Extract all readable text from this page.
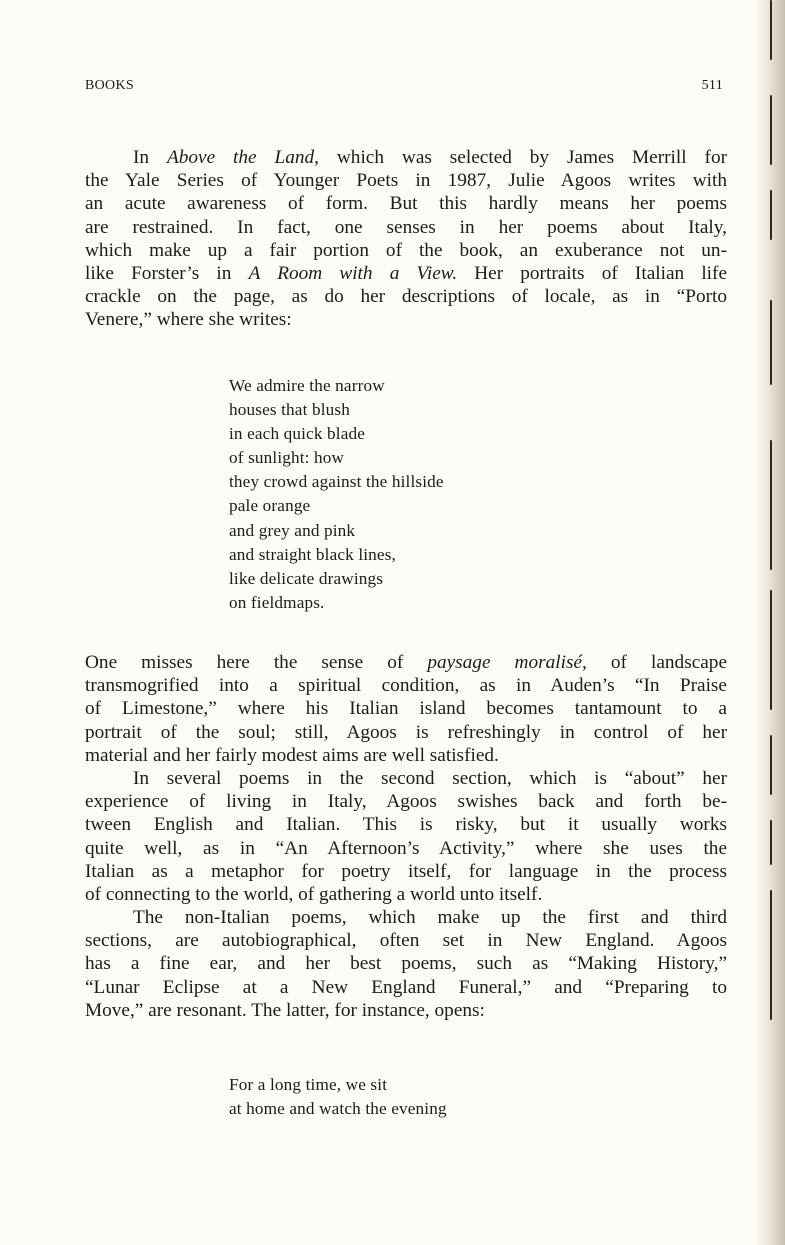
BOOKS	511

In Above the Land, which was selected by James Merrill for
the Yale Series of Younger Poets in 1987, Julie Agoos writes with
an acute awareness of form. But this hardly means her poems
are restrained. In fact, one senses in her poems about Italy,
which make up a fair portion of the book, an exuberance not un-
like Forster’s in A Room with a View. Her portraits of Italian life
crackle on the page, as do her descriptions of locale, as in “Porto
Venere,” where she writes:

We admire the narrow
houses that blush
in each quick blade
of sunlight: how
they crowd against the hillside
pale orange
and grey and pink
and straight black lines,
like delicate drawings
on fieldmaps.

One misses here the sense of paysage moralisé, of landscape
transmogrified into a spiritual condition, as in Auden’s “In Praise
of Limestone,” where his Italian island becomes tantamount to a
portrait of the soul; still, Agoos is refreshingly in control of her
material and her fairly modest aims are well satisfied.

In several poems in the second section, which is “about” her
experience of living in Italy, Agoos swishes back and forth be-
tween English and Italian. This is risky, but it usually works
quite well, as in “An Afternoon’s Activity,” where she uses the
Italian as a metaphor for poetry itself, for language in the process
of connecting to the world, of gathering a world unto itself.

The non-Italian poems, which make up the first and third
sections, are autobiographical, often set in New England. Agoos
has a fine ear, and her best poems, such as “Making History,”
“Lunar Eclipse at a New England Funeral,” and “Preparing to
Move,” are resonant. The latter, for instance, opens:

For a long time, we sit
at home and watch the evening
